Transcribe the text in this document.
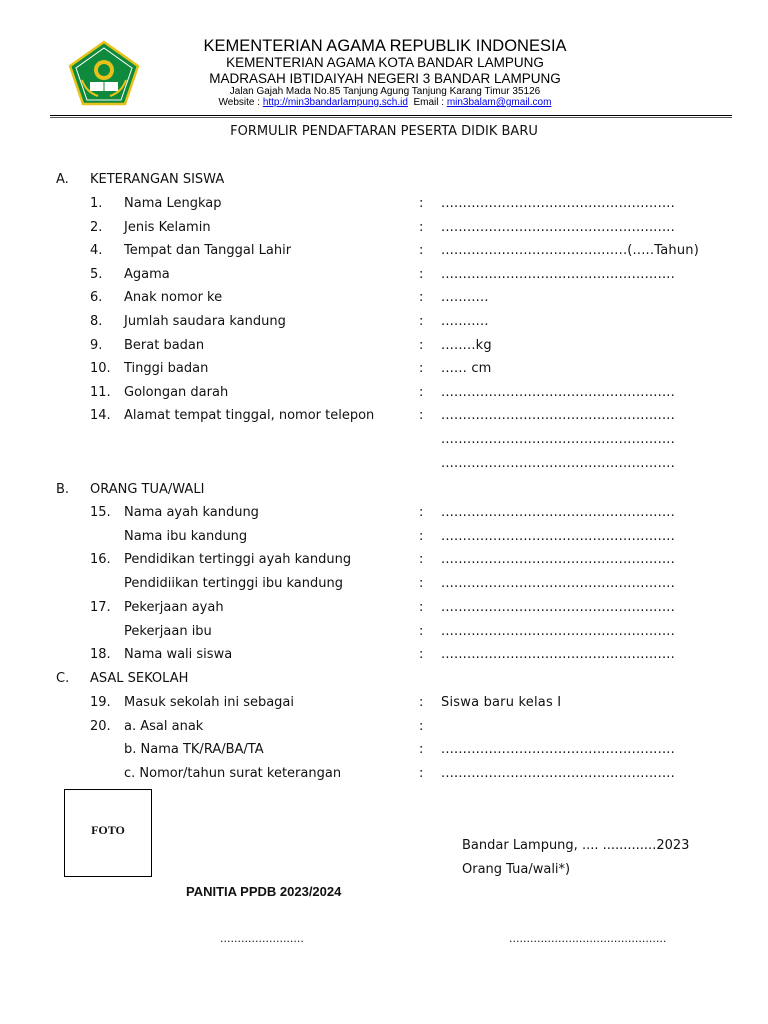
KEMENTERIAN AGAMA REPUBLIK INDONESIA
KEMENTERIAN AGAMA KOTA BANDAR LAMPUNG
MADRASAH IBTIDAIYAH NEGERI 3 BANDAR LAMPUNG
Jalan Gajah Mada No.85 Tanjung Agung Tanjung Karang Timur 35126
Website : http://min3bandarlampung.sch.id  Email : min3balam@gmail.com
FORMULIR PENDAFTARAN PESERTA DIDIK BARU
A. KETERANGAN SISWA
1.	Nama Lengkap	: ......................................................
2.	Jenis Kelamin	: ......................................................
4.	Tempat dan Tanggal Lahir	: ...........................................(.....Tahun)
5.	Agama	: ......................................................
6.	Anak nomor ke	: ...........
8.	Jumlah saudara kandung	: ...........
9.	Berat badan	: ........kg
10.	Tinggi badan	: ...... cm
11.	Golongan darah	: ......................................................
14.	Alamat tempat tinggal, nomor telepon	: ......................................................
......................................................
......................................................
B. ORANG TUA/WALI
15.	Nama ayah kandung	: ......................................................
Nama ibu kandung	: ......................................................
16.	Pendidikan tertinggi ayah kandung	: ......................................................
Pendidiikan tertinggi ibu kandung	: ......................................................
17.	Pekerjaan ayah	: ......................................................
Pekerjaan ibu	: ......................................................
18.	Nama wali siswa	: ......................................................
C. ASAL SEKOLAH
19.	Masuk sekolah ini sebagai	: Siswa baru kelas I
20.	a. Asal anak	:
b. Nama TK/RA/BA/TA	: ......................................................
c. Nomor/tahun surat keterangan	: ......................................................
FOTO
Bandar Lampung, .... .............2023
Orang Tua/wali*)
PANITIA PPDB 2023/2024
........................	.............................................
